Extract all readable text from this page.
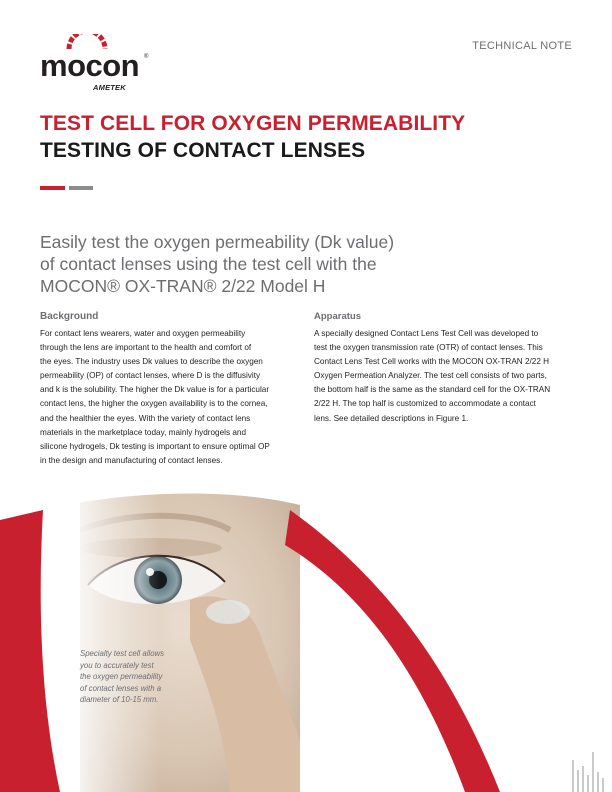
mocon ®
AMETEK
TECHNICAL NOTE
TEST CELL FOR OXYGEN PERMEABILITY
TESTING OF CONTACT LENSES
Easily test the oxygen permeability (Dk value)
of contact lenses using the test cell with the
MOCON® OX-TRAN® 2/22 Model H
Background	Apparatus
For contact lens wearers, water and oxygen permeability
through the lens are important to the health and comfort of
the eyes. The industry uses Dk values to describe the oxygen
permeability (OP) of contact lenses, where D is the diffusivity
and k is the solubility. The higher the Dk value is for a particular
contact lens, the higher the oxygen availability is to the cornea,
and the healthier the eyes. With the variety of contact lens
materials in the marketplace today, mainly hydrogels and
silicone hydrogels, Dk testing is important to ensure optimal OP
in the design and manufacturing of contact lenses.
A specially designed Contact Lens Test Cell was developed to
test the oxygen transmission rate (OTR) of contact lenses. This
Contact Lens Test Cell works with the MOCON OX-TRAN 2/22 H
Oxygen Permeation Analyzer. The test cell consists of two parts,
the bottom half is the same as the standard cell for the OX-TRAN
2/22 H. The top half is customized to accommodate a contact
lens. See detailed descriptions in Figure 1.
Specialty test cell allows
you to accurately test
the oxygen permeability
of contact lenses with a
diameter of 10-15 mm.
